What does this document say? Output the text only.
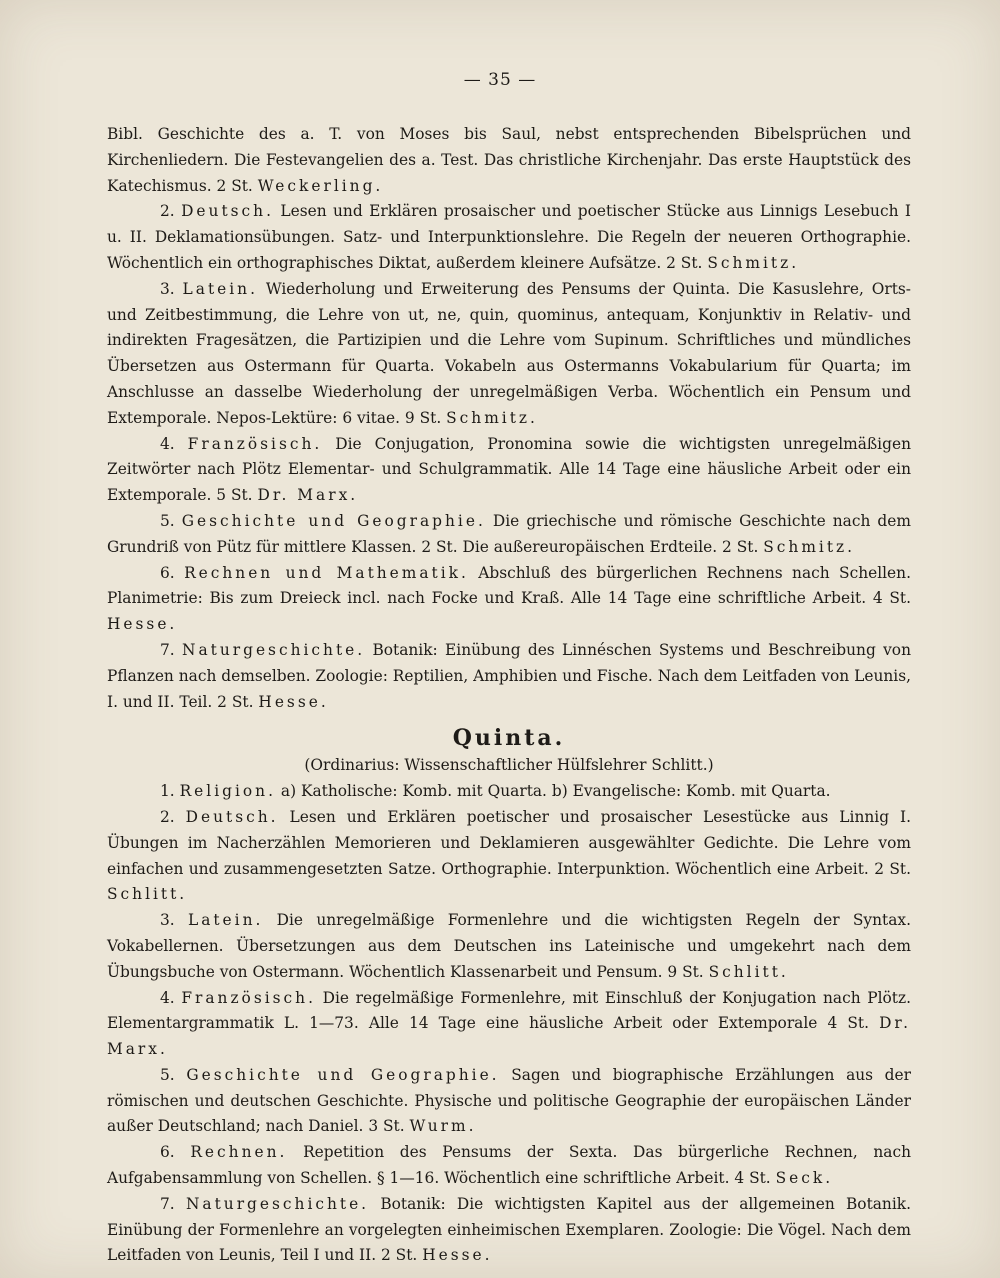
— 35 —

Bibl. Geschichte des a. T. von Moses bis Saul, nebst entsprechenden Bibelsprüchen und Kirchenliedern. Die Festevangelien des a. Test. Das christliche Kirchenjahr. Das erste Hauptstück des Katechismus. 2 St. Weckerling.

2. Deutsch. Lesen und Erklären prosaischer und poetischer Stücke aus Linnigs Lesebuch I u. II. Deklamationsübungen. Satz- und Interpunktionslehre. Die Regeln der neueren Orthographie. Wöchentlich ein orthographisches Diktat, außerdem kleinere Aufsätze. 2 St. Schmitz.

3. Latein. Wiederholung und Erweiterung des Pensums der Quinta. Die Kasuslehre, Orts- und Zeitbestimmung, die Lehre von ut, ne, quin, quominus, antequam, Konjunktiv in Relativ- und indirekten Fragesätzen, die Partizipien und die Lehre vom Supinum. Schriftliches und mündliches Übersetzen aus Ostermann für Quarta. Vokabeln aus Ostermanns Vokabularium für Quarta; im Anschlusse an dasselbe Wiederholung der unregelmäßigen Verba. Wöchentlich ein Pensum und Extemporale. Nepos-Lektüre: 6 vitae. 9 St. Schmitz.

4. Französisch. Die Conjugation, Pronomina sowie die wichtigsten unregelmäßigen Zeitwörter nach Plötz Elementar- und Schulgrammatik. Alle 14 Tage eine häusliche Arbeit oder ein Extemporale. 5 St. Dr. Marx.

5. Geschichte und Geographie. Die griechische und römische Geschichte nach dem Grundriß von Pütz für mittlere Klassen. 2 St. Die außereuropäischen Erdteile. 2 St. Schmitz.

6. Rechnen und Mathematik. Abschluß des bürgerlichen Rechnens nach Schellen. Planimetrie: Bis zum Dreieck incl. nach Focke und Kraß. Alle 14 Tage eine schriftliche Arbeit. 4 St. Hesse.

7. Naturgeschichte. Botanik: Einübung des Linnéschen Systems und Beschreibung von Pflanzen nach demselben. Zoologie: Reptilien, Amphibien und Fische. Nach dem Leitfaden von Leunis, I. und II. Teil. 2 St. Hesse.

Quinta.

(Ordinarius: Wissenschaftlicher Hülfslehrer Schlitt.)

1. Religion. a) Katholische: Komb. mit Quarta. b) Evangelische: Komb. mit Quarta.

2. Deutsch. Lesen und Erklären poetischer und prosaischer Lesestücke aus Linnig I. Übungen im Nacherzählen Memorieren und Deklamieren ausgewählter Gedichte. Die Lehre vom einfachen und zusammengesetzten Satze. Orthographie. Interpunktion. Wöchentlich eine Arbeit. 2 St. Schlitt.

3. Latein. Die unregelmäßige Formenlehre und die wichtigsten Regeln der Syntax. Vokabellernen. Übersetzungen aus dem Deutschen ins Lateinische und umgekehrt nach dem Übungsbuche von Ostermann. Wöchentlich Klassenarbeit und Pensum. 9 St. Schlitt.

4. Französisch. Die regelmäßige Formenlehre, mit Einschluß der Konjugation nach Plötz. Elementargrammatik L. 1—73. Alle 14 Tage eine häusliche Arbeit oder Extemporale 4 St. Dr. Marx.

5. Geschichte und Geographie. Sagen und biographische Erzählungen aus der römischen und deutschen Geschichte. Physische und politische Geographie der europäischen Länder außer Deutschland; nach Daniel. 3 St. Wurm.

6. Rechnen. Repetition des Pensums der Sexta. Das bürgerliche Rechnen, nach Aufgabensammlung von Schellen. § 1—16. Wöchentlich eine schriftliche Arbeit. 4 St. Seck.

7. Naturgeschichte. Botanik: Die wichtigsten Kapitel aus der allgemeinen Botanik. Einübung der Formenlehre an vorgelegten einheimischen Exemplaren. Zoologie: Die Vögel. Nach dem Leitfaden von Leunis, Teil I und II. 2 St. Hesse.
